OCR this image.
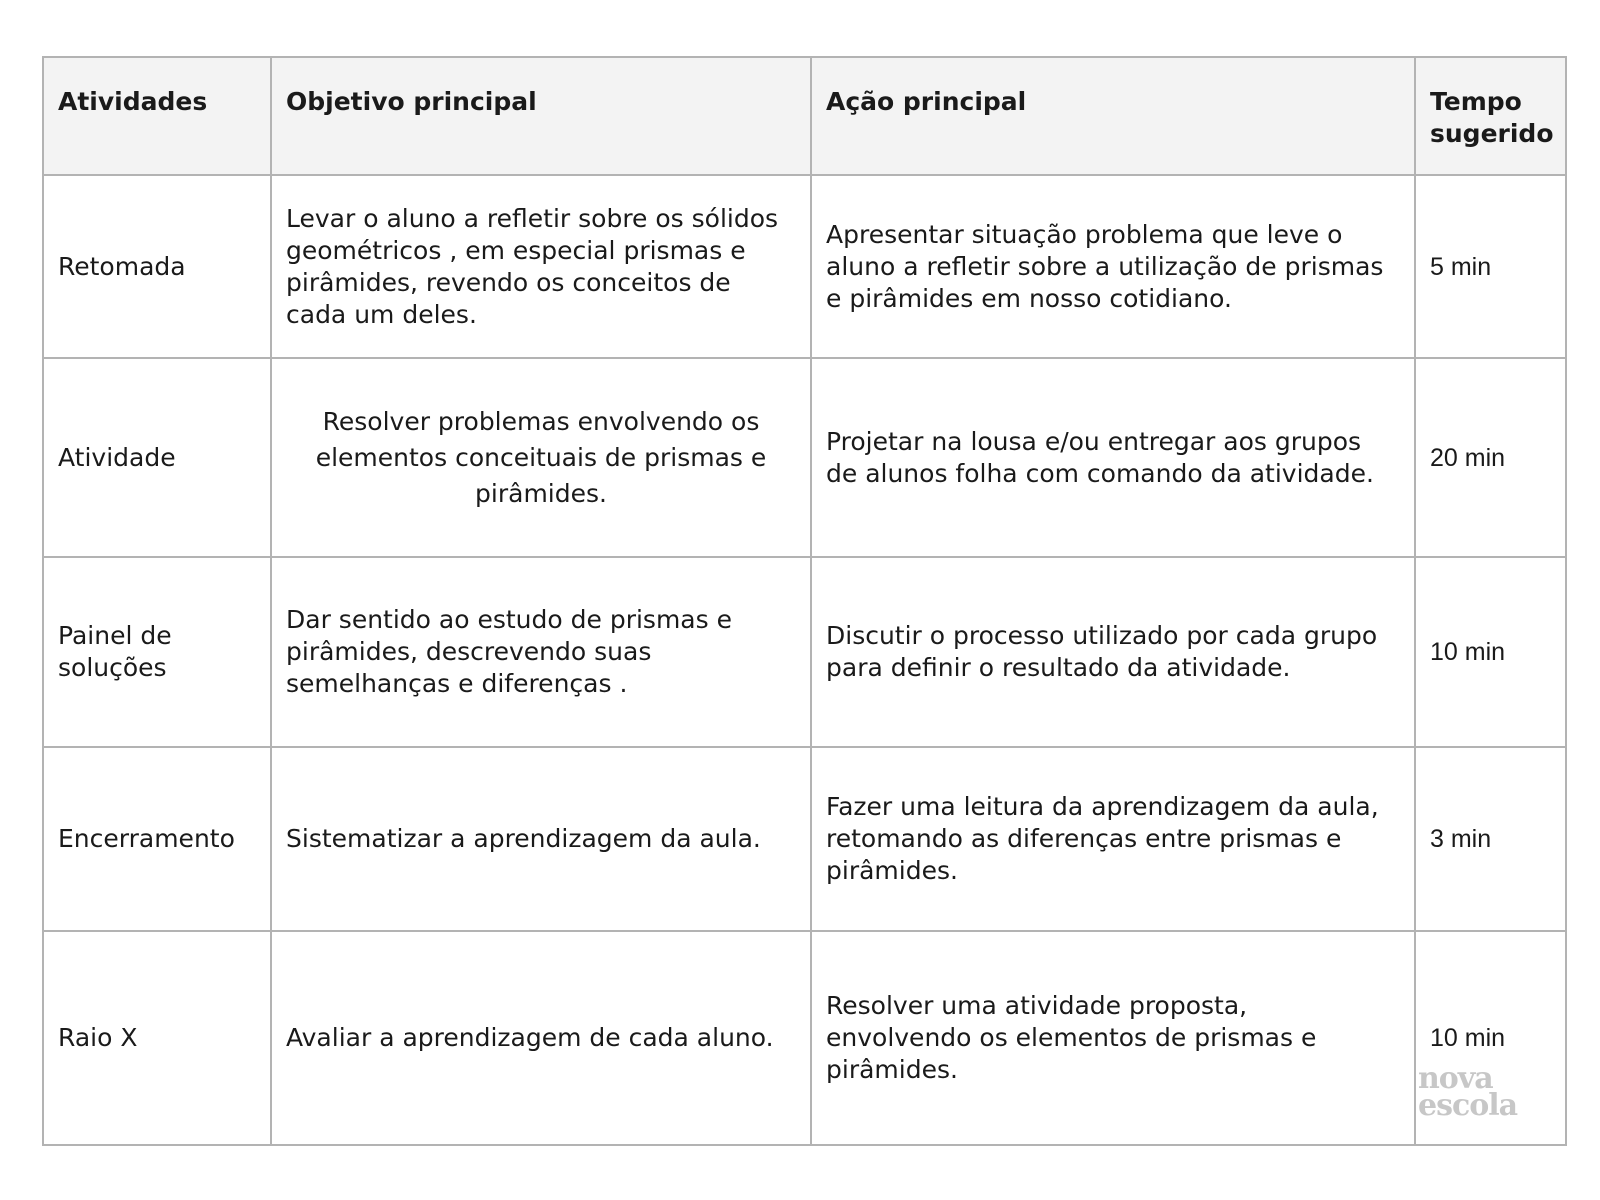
Atividades	Objetivo principal	Ação principal	Tempo sugerido
Retomada	Levar o aluno a refletir sobre os sólidos geométricos , em especial prismas e pirâmides, revendo os conceitos de cada um deles.	Apresentar situação problema que leve o aluno a refletir sobre a utilização de prismas e pirâmides em nosso cotidiano.	5 min
Atividade	Resolver problemas envolvendo os elementos conceituais de prismas e pirâmides.	Projetar na lousa e/ou entregar aos grupos de alunos folha com comando da atividade.	20 min
Painel de soluções	Dar sentido ao estudo de prismas e pirâmides, descrevendo suas semelhanças e diferenças .	Discutir o processo utilizado por cada grupo para definir o resultado da atividade.	10 min
Encerramento	Sistematizar a aprendizagem da aula.	Fazer uma leitura da aprendizagem da aula, retomando as diferenças entre prismas e pirâmides.	3 min
Raio X	Avaliar a aprendizagem de cada aluno.	Resolver uma atividade proposta, envolvendo os elementos de prismas e pirâmides.	10 min
nova
escola
